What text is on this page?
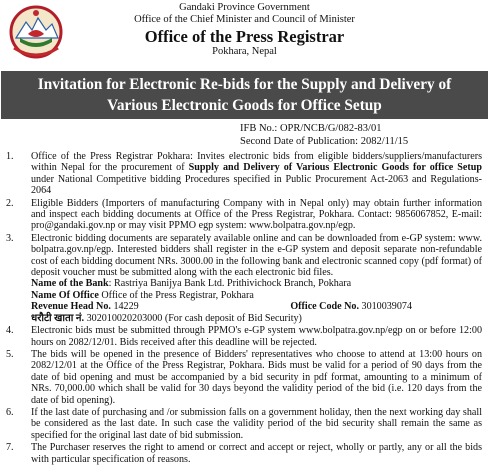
Gandaki Province Government
Office of the Chief Minister and Council of Minister
Office of the Press Registrar
Pokhara, Nepal
Invitation for Electronic Re-bids for the Supply and Delivery of
Various Electronic Goods for Office Setup
IFB No.: OPR/NCB/G/082-83/01
Second Date of Publication: 2082/11/15
1. Office of the Press Registrar Pokhara: Invites electronic bids from eligible bidders/suppliers/manufacturers within Nepal for the procurement of Supply and Delivery of Various Electronic Goods for office Setup under National Competitive bidding Procedures specified in Public Procurement Act-2063 and Regulations-2064
2. Eligible Bidders (Importers of manufacturing Company with in Nepal only) may obtain further information and inspect each bidding documents at Office of the Press Registrar, Pokhara. Contact: 9856067852, E-mail: pro@gandaki.gov.np or may visit PPMO egp system: www.bolpatra.gov.np/egp.
3. Electronic bidding documents are separately available online and can be downloaded from e-GP system: www. bolpatra.gov.np/egp. Interested bidders shall register in the e-GP system and deposit separate non-refundable cost of each bidding document NRs. 3000.00 in the following bank and electronic scanned copy (pdf format) of deposit voucher must be submitted along with the each electronic bid files.
Name of the Bank: Rastriya Banijya Bank Ltd. Prithivichock Branch, Pokhara
Name Of Office Office of the Press Registrar, Pokhara
Revenue Head No. 14229	Office Code No. 3010039074
धरौटी खाता नं. 302010020203000 (For cash deposit of Bid Security)
4. Electronic bids must be submitted through PPMO's e-GP system www.bolpatra.gov.np/egp on or before 12:00 hours on 2082/12/01. Bids received after this deadline will be rejected.
5. The bids will be opened in the presence of Bidders' representatives who choose to attend at 13:00 hours on 2082/12/01 at the Office of the Press Registrar, Pokhara. Bids must be valid for a period of 90 days from the date of bid opening and must be accompanied by a bid security in pdf format, amounting to a minimum of NRs. 70,000.00 which shall be valid for 30 days beyond the validity period of the bid (i.e. 120 days from the date of bid opening).
6. If the last date of purchasing and /or submission falls on a government holiday, then the next working day shall be considered as the last date. In such case the validity period of the bid security shall remain the same as specified for the original last date of bid submission.
7. The Purchaser reserves the right to amend or correct and accept or reject, wholly or partly, any or all the bids with particular specification of reasons.
